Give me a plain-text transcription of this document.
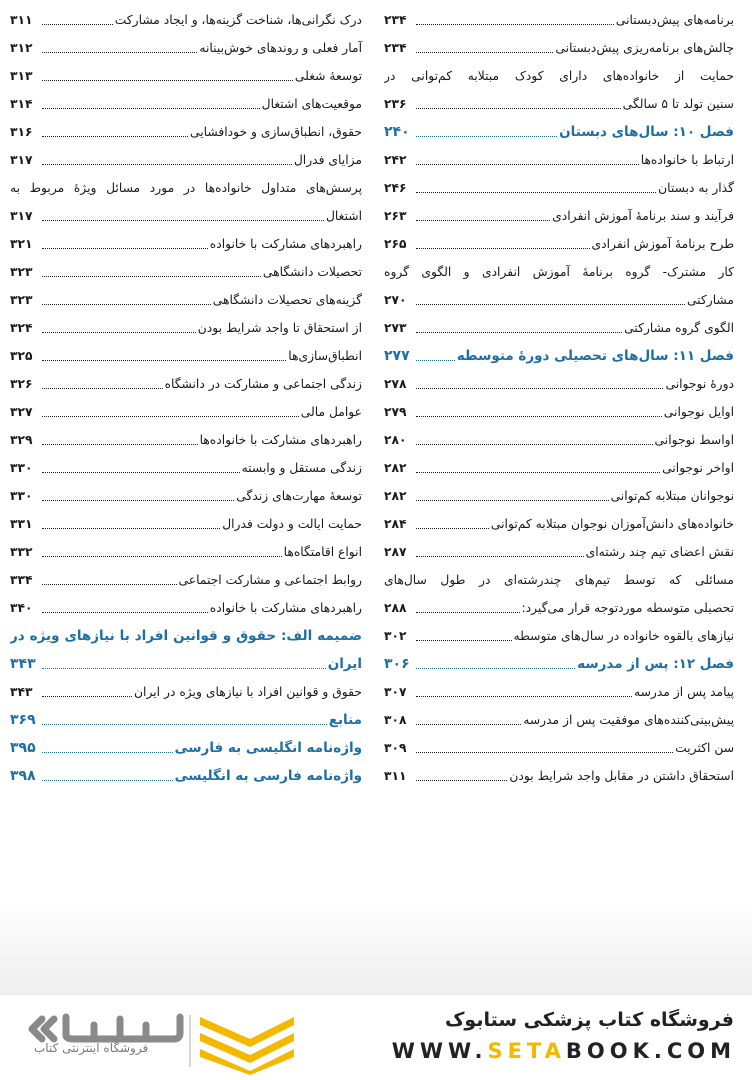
برنامه‌های پیش‌دبستانی
۲۳۴
چالش‌های برنامه‌ریزی پیش‌دبستانی
۲۳۴
حمایت از خانواده‌های دارای کودک مبتلابه کم‌توانی در
سنین تولد تا ۵ سالگی
۲۳۶
فصل ۱۰: سال‌های دبستان
۲۴۰
ارتباط با خانواده‌ها
۲۴۲
گذار به دبستان
۲۴۶
فرآیند و سند برنامهٔ آموزش انفرادی
۲۶۳
طرح برنامهٔ آموزش انفرادی
۲۶۵
کار مشترک- گروه برنامهٔ آموزش انفرادی و الگوی گروه
مشارکتی
۲۷۰
الگوی گروه مشارکتی
۲۷۳
فصل ۱۱: سال‌های تحصیلی دورهٔ متوسطه
۲۷۷
دورهٔ نوجوانی
۲۷۸
اوایل نوجوانی
۲۷۹
اواسط نوجوانی
۲۸۰
اواخر نوجوانی
۲۸۲
نوجوانان مبتلابه کم‌توانی
۲۸۲
خانواده‌های دانش‌آموزان نوجوان مبتلابه کم‌توانی
۲۸۴
نقش اعضای تیم چند رشته‌ای
۲۸۷
مسائلی که توسط تیم‌های چندرشته‌ای در طول سال‌های
تحصیلی متوسطه موردتوجه قرار می‌گیرد:
۲۸۸
نیازهای بالقوه خانواده در سال‌های متوسطه
۳۰۲
فصل ۱۲: پس از مدرسه
۳۰۶
پیامد پس از مدرسه
۳۰۷
پیش‌بینی‌کننده‌های موفقیت پس از مدرسه
۳۰۸
سن اکثریت
۳۰۹
استحقاق داشتن در مقابل واجد شرایط بودن
۳۱۱
درک نگرانی‌ها، شناخت گزینه‌ها، و ایجاد مشارکت
۳۱۱
آمار فعلی و روندهای خوش‌بینانه
۳۱۲
توسعهٔ شغلی
۳۱۳
موقعیت‌های اشتغال
۳۱۴
حقوق، انطباق‌سازی و خودافشایی
۳۱۶
مزایای فدرال
۳۱۷
پرسش‌های متداول خانواده‌ها در مورد مسائل ویژهٔ مربوط به
اشتغال
۳۱۷
راهبردهای مشارکت با خانواده
۳۲۱
تحصیلات دانشگاهی
۳۲۳
گزینه‌های تحصیلات دانشگاهی
۳۲۳
از استحقاق تا واجد شرایط بودن
۳۲۴
انطباق‌سازی‌ها
۳۲۵
زندگی اجتماعی و مشارکت در دانشگاه
۳۲۶
عوامل مالی
۳۲۷
راهبردهای مشارکت با خانواده‌ها
۳۲۹
زندگی مستقل و وابسته
۳۳۰
توسعهٔ مهارت‌های زندگی
۳۳۰
حمایت ایالت و دولت فدرال
۳۳۱
انواع اقامتگاه‌ها
۳۳۲
روابط اجتماعی و مشارکت اجتماعی
۳۳۴
راهبردهای مشارکت با خانواده
۳۴۰
ضمیمه الف: حقوق و قوانین افراد با نیازهای ویژه در
ایران
۳۴۳
حقوق و قوانین افراد با نیازهای ویژه در ایران
۳۴۳
منابع
۳۶۹
واژه‌نامه انگلیسی به فارسی
۳۹۵
واژه‌نامه فارسی به انگلیسی
۳۹۸
فروشگاه اینترنتی کتاب
فروشگاه کتاب پزشکی ستابوک
WWW.SETABOOK.COM
